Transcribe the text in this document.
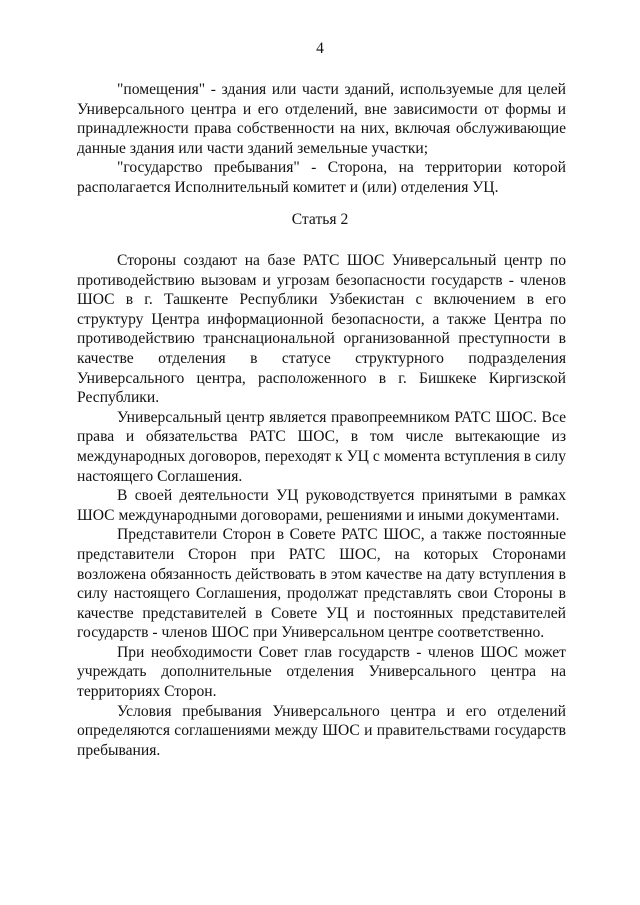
4

"помещения" - здания или части зданий, используемые для целей Универсального центра и его отделений, вне зависимости от формы и принадлежности права собственности на них, включая обслуживающие данные здания или части зданий земельные участки;

"государство пребывания" - Сторона, на территории которой располагается Исполнительный комитет и (или) отделения УЦ.

Статья 2

Стороны создают на базе РАТС ШОС Универсальный центр по противодействию вызовам и угрозам безопасности государств - членов ШОС в г. Ташкенте Республики Узбекистан с включением в его структуру Центра информационной безопасности, а также Центра по противодействию транснациональной организованной преступности в качестве отделения в статусе структурного подразделения Универсального центра, расположенного в г. Бишкеке Киргизской Республики.

Универсальный центр является правопреемником РАТС ШОС. Все права и обязательства РАТС ШОС, в том числе вытекающие из международных договоров, переходят к УЦ с момента вступления в силу настоящего Соглашения.

В своей деятельности УЦ руководствуется принятыми в рамках ШОС международными договорами, решениями и иными документами.

Представители Сторон в Совете РАТС ШОС, а также постоянные представители Сторон при РАТС ШОС, на которых Сторонами возложена обязанность действовать в этом качестве на дату вступления в силу настоящего Соглашения, продолжат представлять свои Стороны в качестве представителей в Совете УЦ и постоянных представителей государств - членов ШОС при Универсальном центре соответственно.

При необходимости Совет глав государств - членов ШОС может учреждать дополнительные отделения Универсального центра на территориях Сторон.

Условия пребывания Универсального центра и его отделений определяются соглашениями между ШОС и правительствами государств пребывания.
